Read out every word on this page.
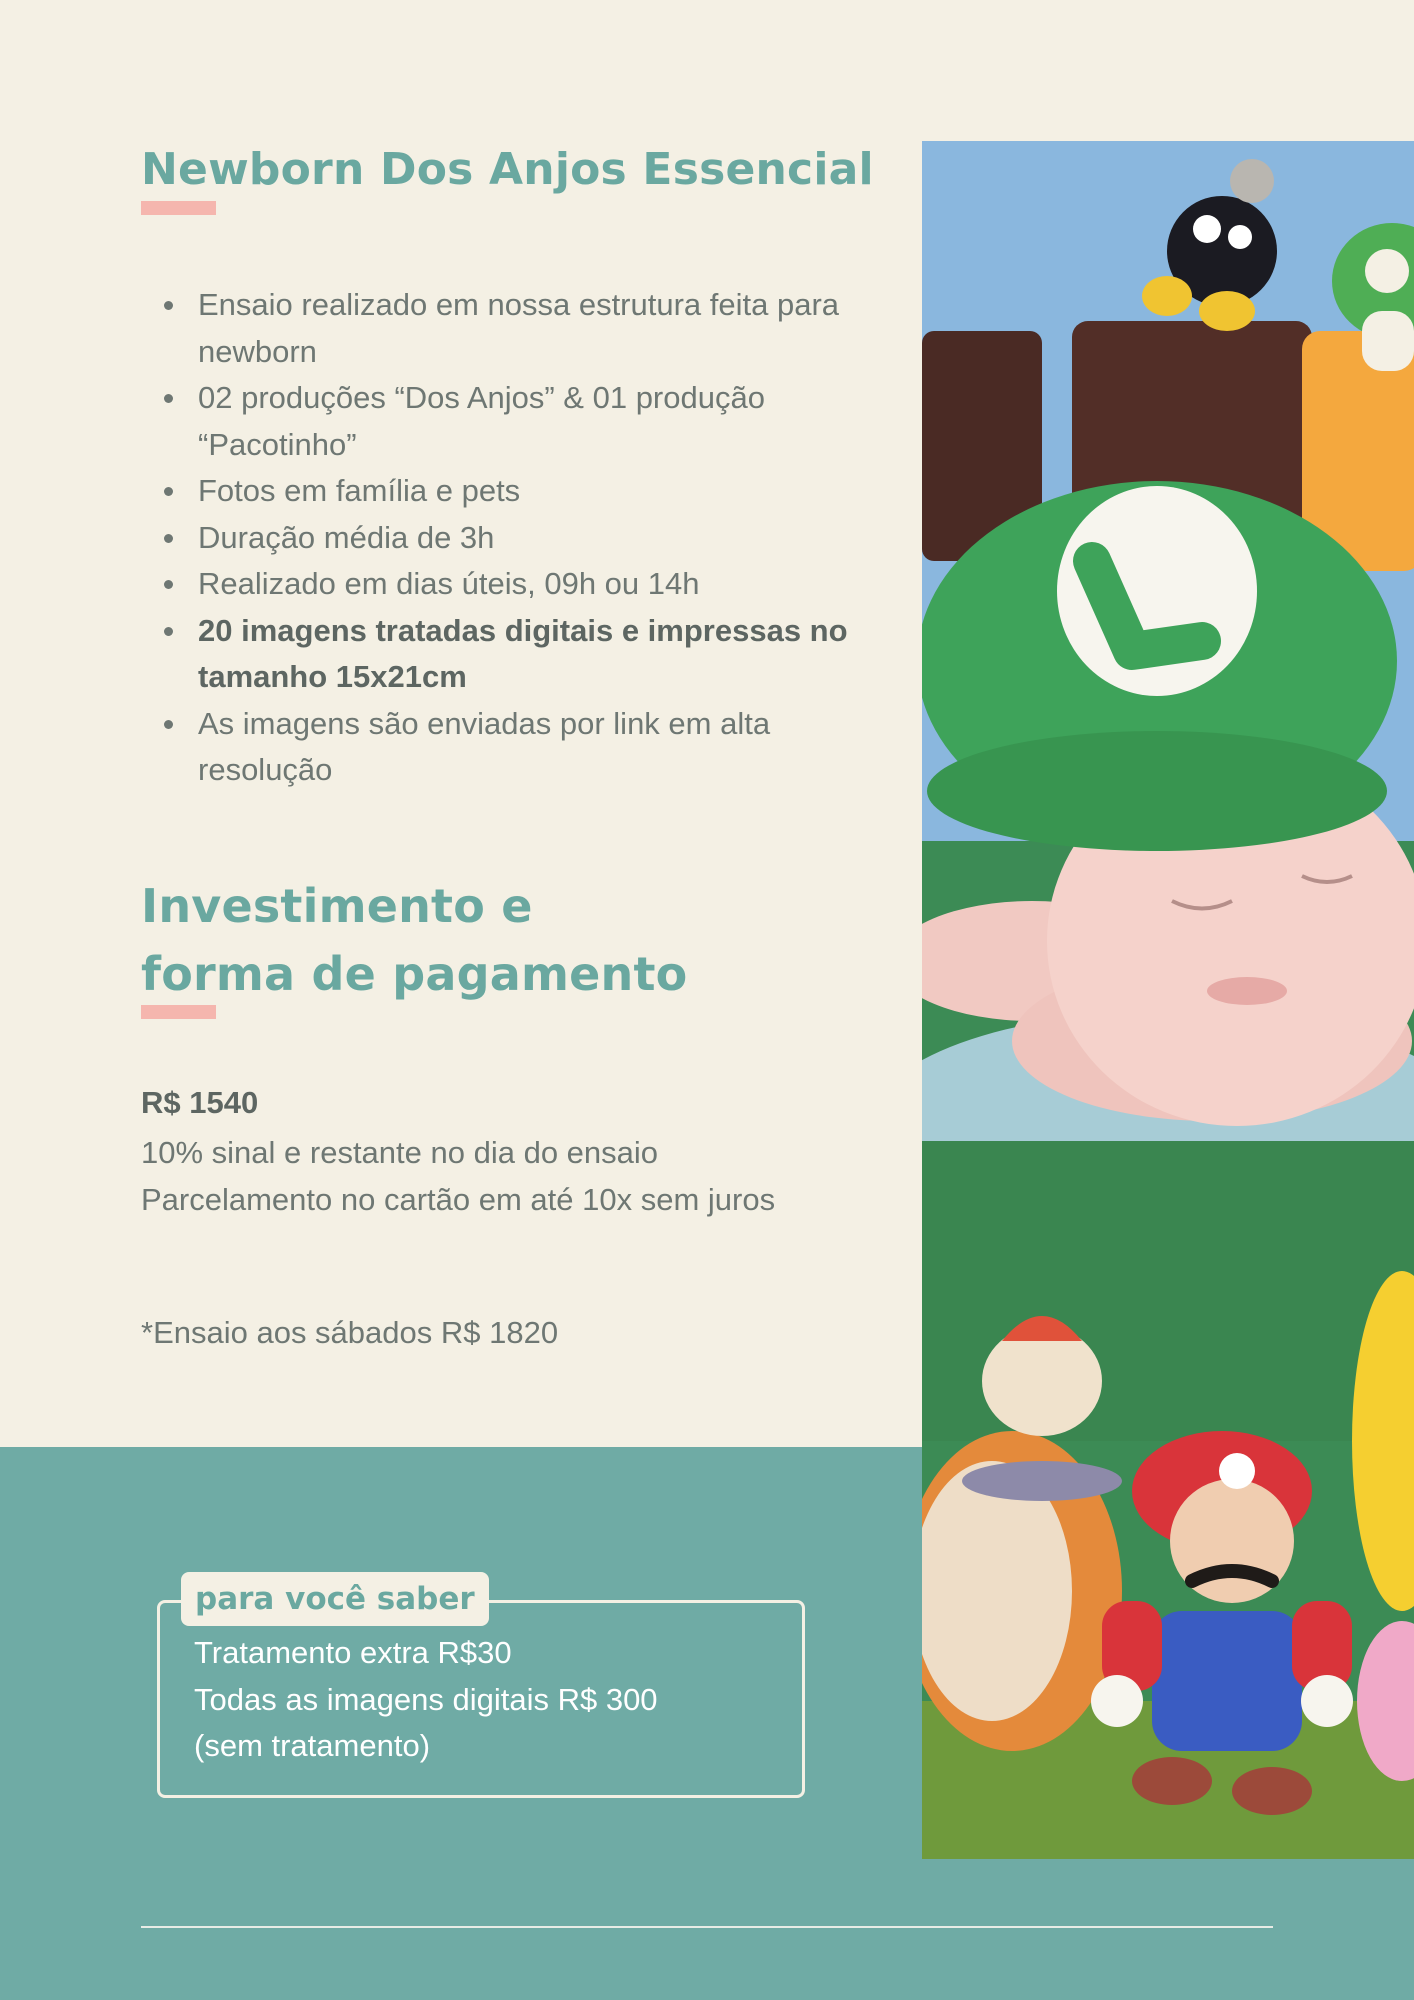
Newborn Dos Anjos Essencial
Ensaio realizado em nossa estrutura feita para newborn
02 produções “Dos Anjos” & 01 produção “Pacotinho”
Fotos em família e pets
Duração média de 3h
Realizado em dias úteis, 09h ou 14h
20 imagens tratadas digitais e impressas no tamanho 15x21cm
As imagens são enviadas por link em alta resolução
Investimento e
forma de pagamento
R$ 1540
10% sinal e restante no dia do ensaio
Parcelamento no cartão em até 10x sem juros
*Ensaio aos sábados R$ 1820
para você saber
Tratamento extra R$30
Todas as imagens digitais R$ 300
(sem tratamento)
